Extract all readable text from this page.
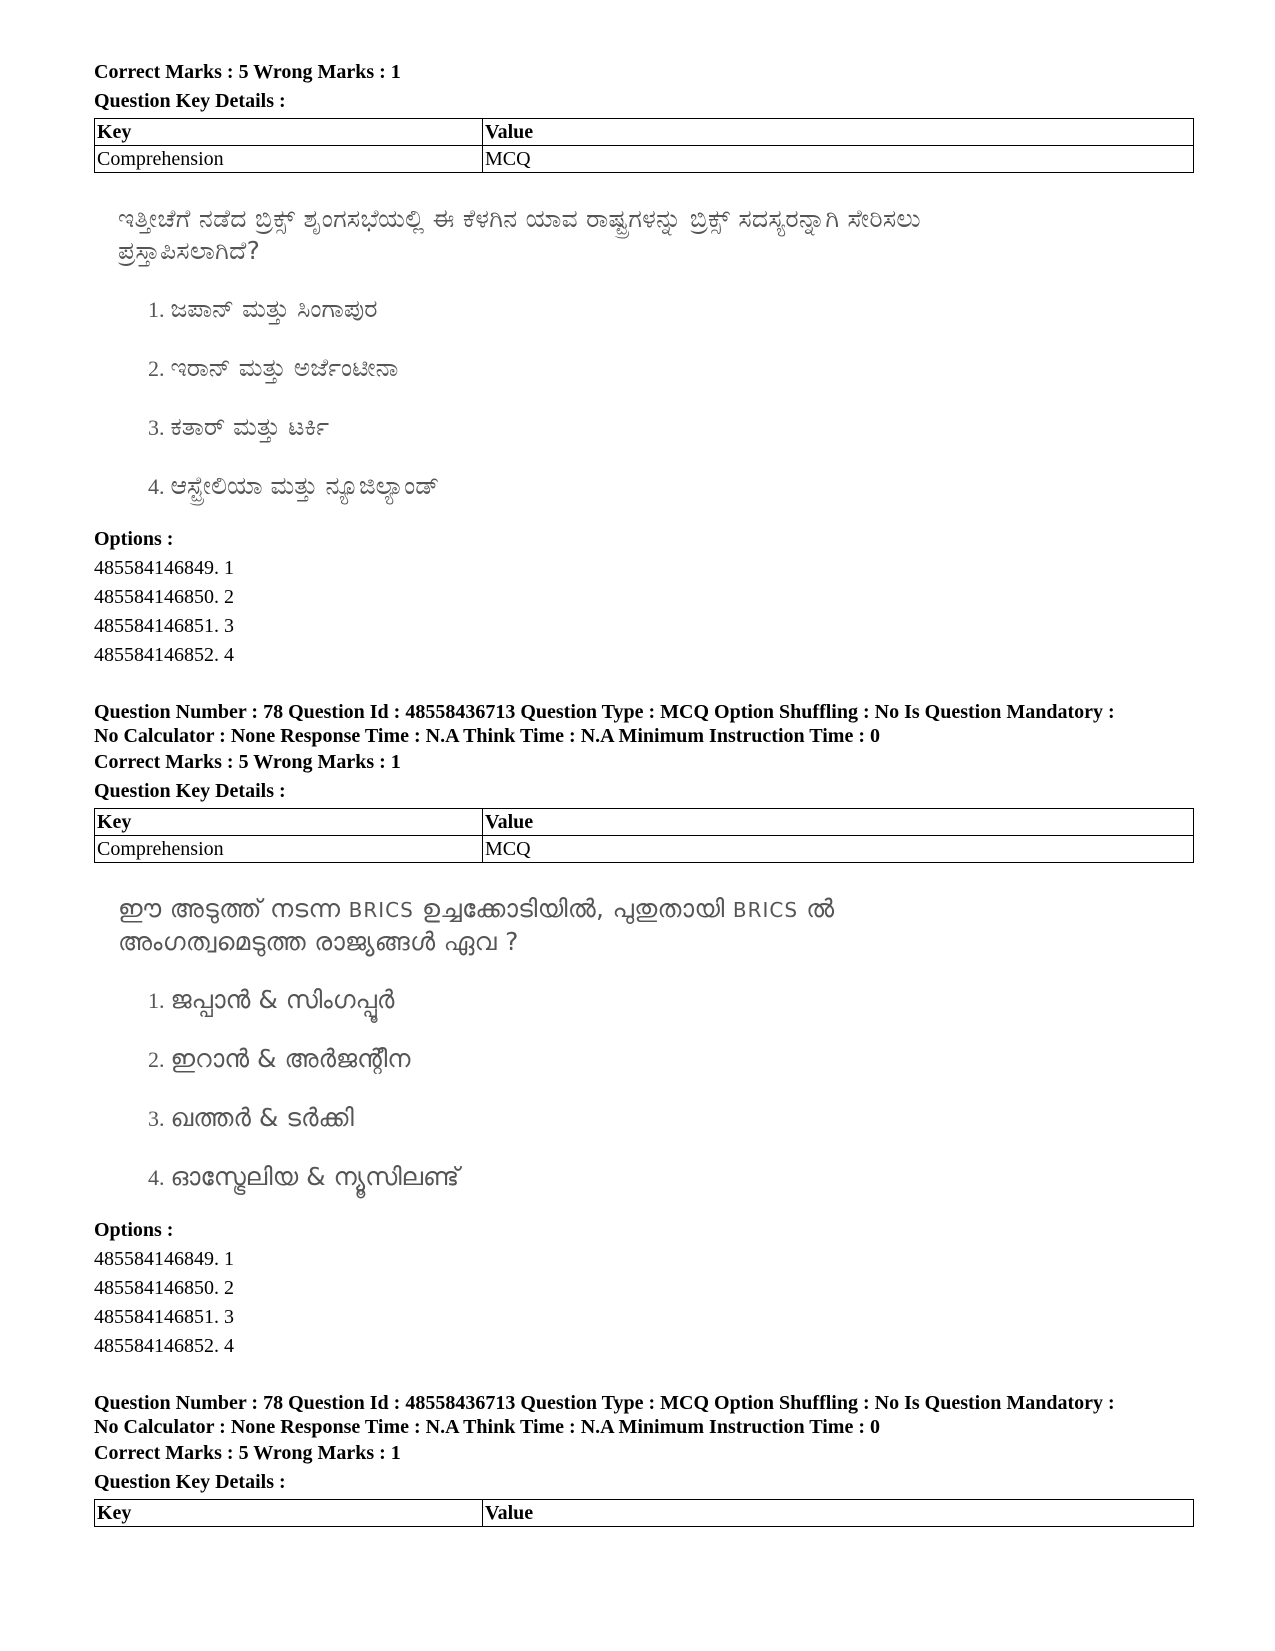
Correct Marks : 5 Wrong Marks : 1

Question Key Details :

Key	Value
Comprehension	MCQ

ಇತ್ತೀಚೆಗೆ ನಡೆದ ಬ್ರಿಕ್ಸ್ ಶೃಂಗಸಭೆಯಲ್ಲಿ ಈ ಕೆಳಗಿನ ಯಾವ ರಾಷ್ಟ್ರಗಳನ್ನು ಬ್ರಿಕ್ಸ್ ಸದಸ್ಯರನ್ನಾಗಿ ಸೇರಿಸಲು

ಪ್ರಸ್ತಾಪಿಸಲಾಗಿದೆ?

1. ಜಪಾನ್ ಮತ್ತು ಸಿಂಗಾಪುರ
2. ಇರಾನ್ ಮತ್ತು ಅರ್ಜೆಂಟೀನಾ
3. ಕತಾರ್ ಮತ್ತು ಟರ್ಕಿ
4. ಆಸ್ಟ್ರೇಲಿಯಾ ಮತ್ತು ನ್ಯೂಜಿಲ್ಯಾಂಡ್

Options :

485584146849. 1

485584146850. 2

485584146851. 3

485584146852. 4

Question Number : 78 Question Id : 48558436713 Question Type : MCQ Option Shuffling : No Is Question Mandatory :

No Calculator : None Response Time : N.A Think Time : N.A Minimum Instruction Time : 0

Correct Marks : 5 Wrong Marks : 1

Question Key Details :

Key	Value
Comprehension	MCQ

ഈ അടുത്ത് നടന്ന BRICS ഉച്ചക്കോടിയിൽ, പുതുതായി BRICS ൽ

അംഗത്വമെടുത്ത രാജ്യങ്ങൾ ഏവ ?

1. ജപ്പാൻ & സിംഗപ്പൂർ
2. ഇറാൻ & അർജന്റീന
3. ഖത്തർ & ടർക്കി
4. ഓസ്ട്രേലിയ & ന്യൂസിലണ്ട്

Options :

485584146849. 1

485584146850. 2

485584146851. 3

485584146852. 4

Question Number : 78 Question Id : 48558436713 Question Type : MCQ Option Shuffling : No Is Question Mandatory :

No Calculator : None Response Time : N.A Think Time : N.A Minimum Instruction Time : 0

Correct Marks : 5 Wrong Marks : 1

Question Key Details :

Key	Value
